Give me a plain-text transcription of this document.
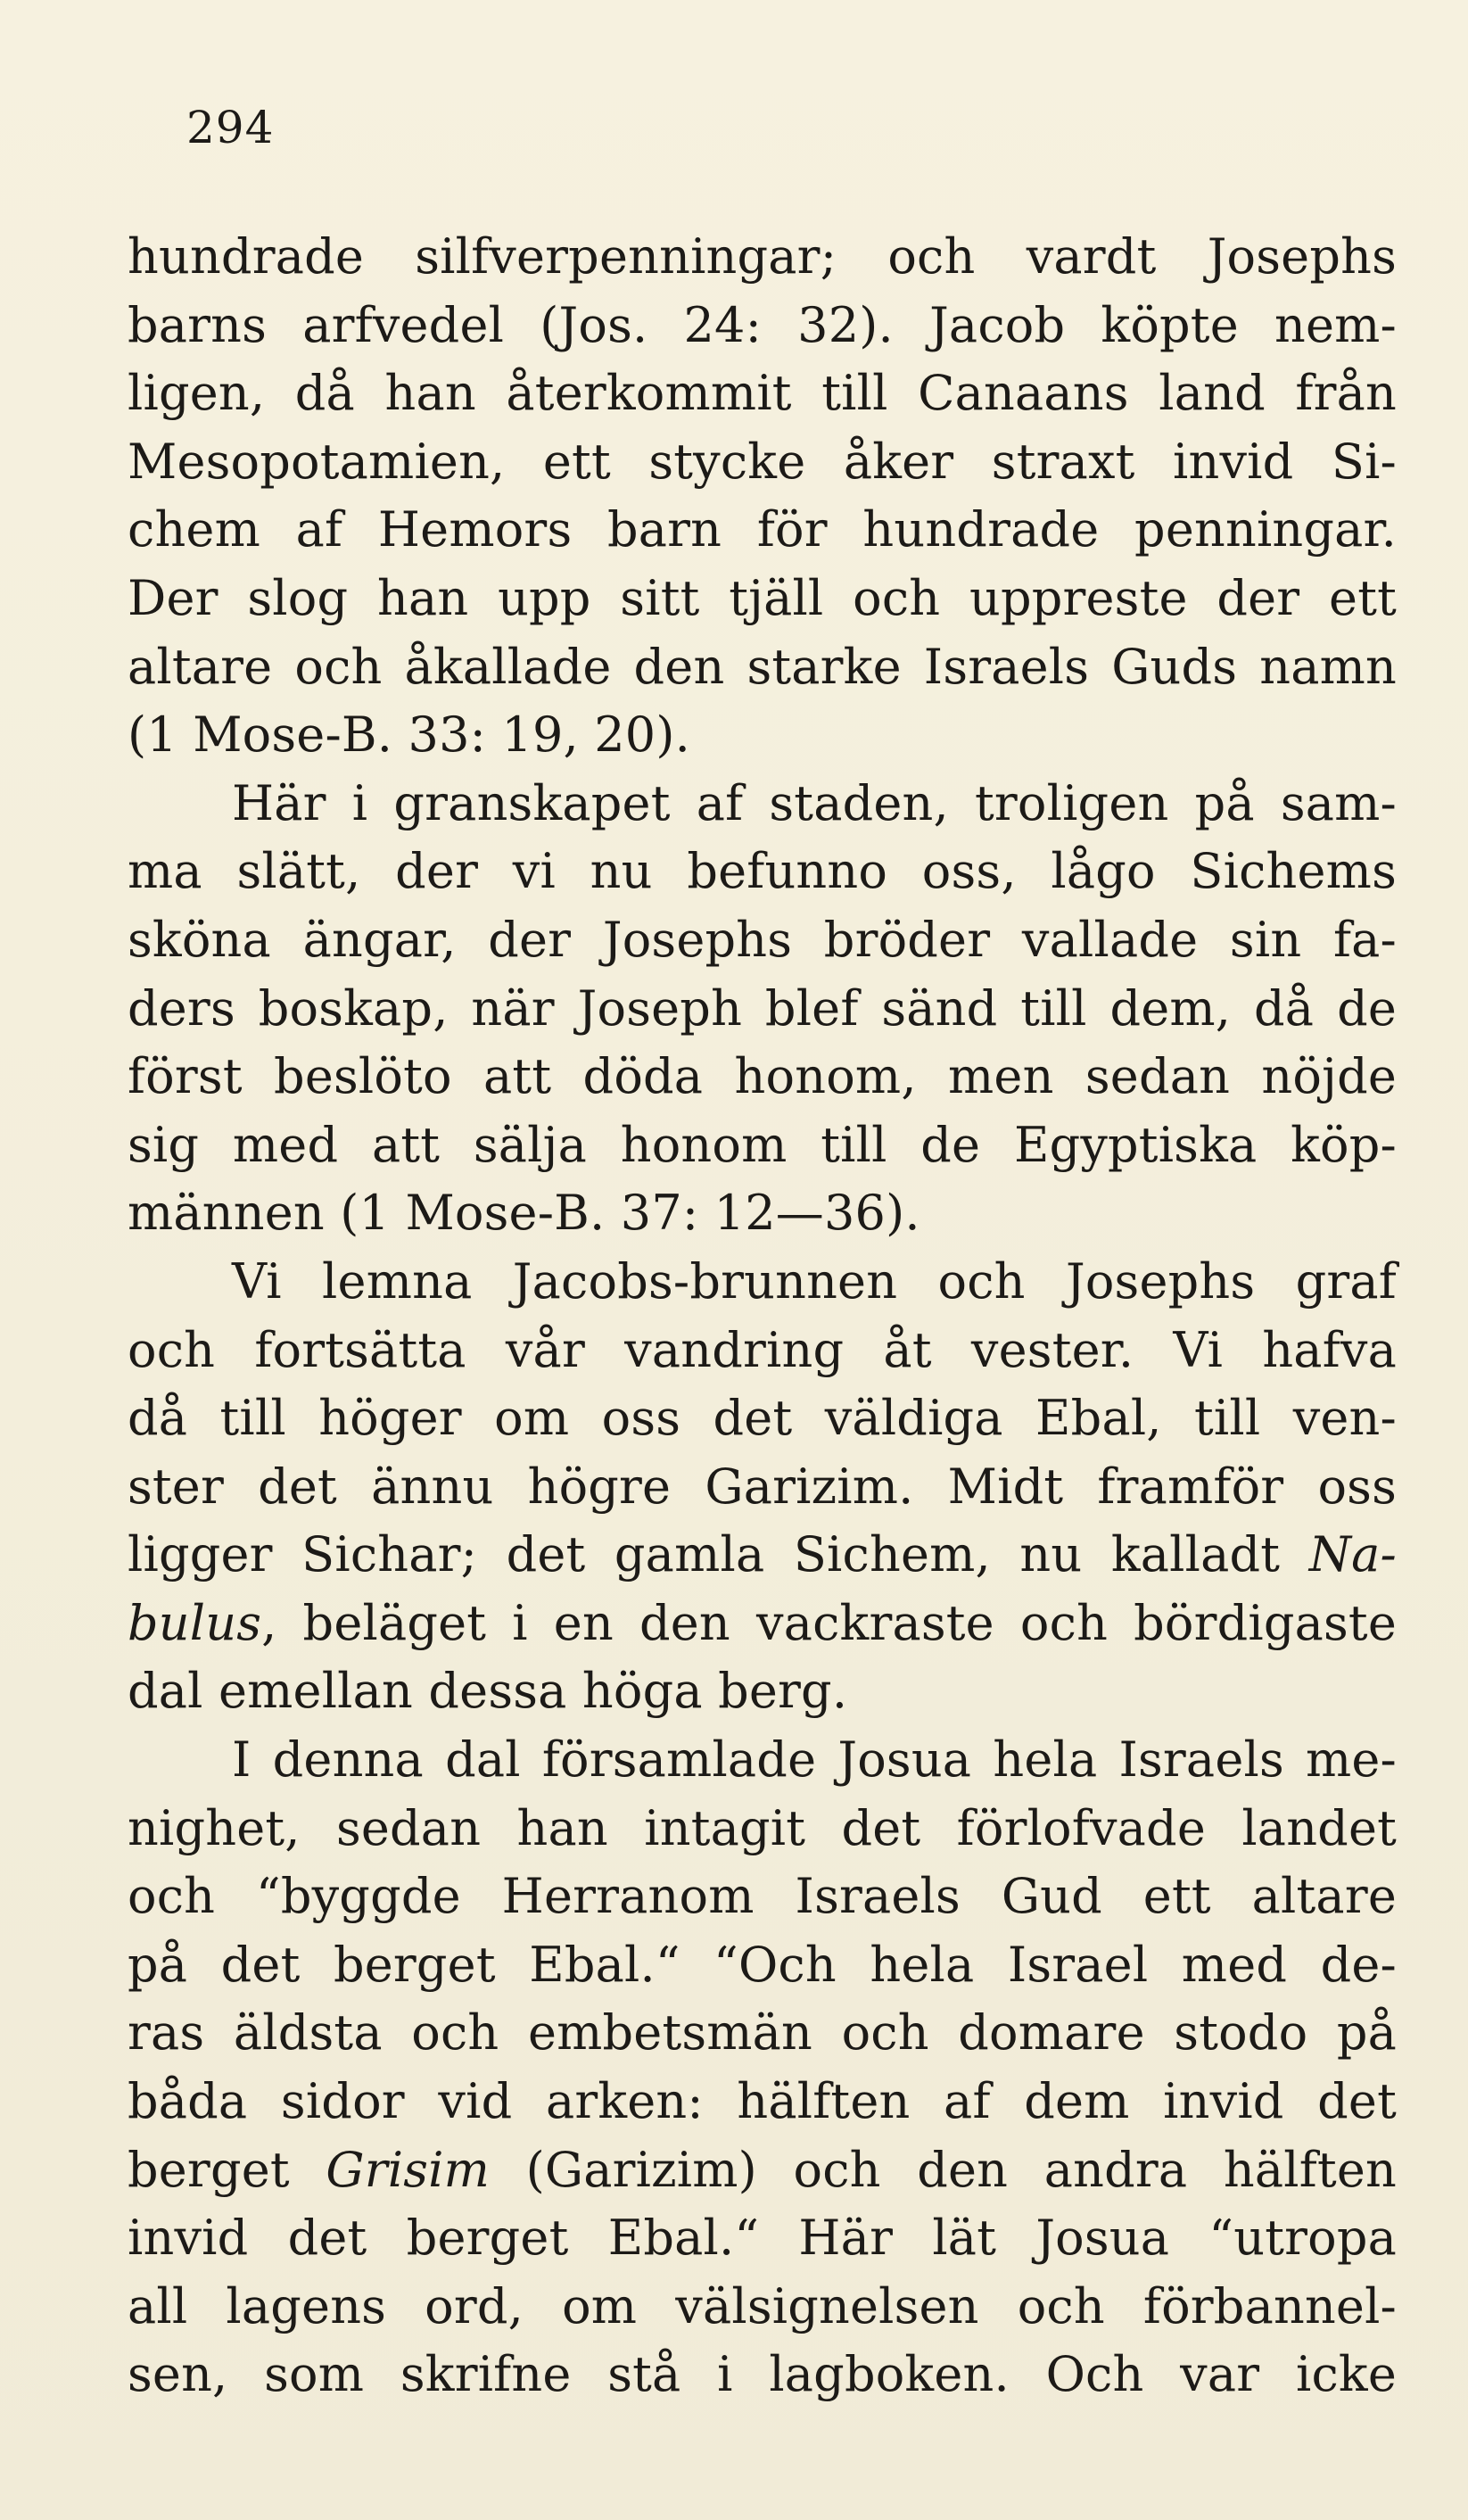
294
hundrade silfverpenningar; och vardt Josephs
barns arfvedel (Jos. 24: 32). Jacob köpte nem-
ligen, då han återkommit till Canaans land från
Mesopotamien, ett stycke åker straxt invid Si-
chem af Hemors barn för hundrade penningar.
Der slog han upp sitt tjäll och uppreste der ett
altare och åkallade den starke Israels Guds namn
(1 Mose-B. 33: 19, 20).
Här i granskapet af staden, troligen på sam-
ma slätt, der vi nu befunno oss, lågo Sichems
sköna ängar, der Josephs bröder vallade sin fa-
ders boskap, när Joseph blef sänd till dem, då de
först beslöto att döda honom, men sedan nöjde
sig med att sälja honom till de Egyptiska köp-
männen (1 Mose-B. 37: 12—36).
Vi lemna Jacobs-brunnen och Josephs graf
och fortsätta vår vandring åt vester. Vi hafva
då till höger om oss det väldiga Ebal, till ven-
ster det ännu högre Garizim. Midt framför oss
ligger Sichar; det gamla Sichem, nu kalladt Na-
bulus, beläget i en den vackraste och bördigaste
dal emellan dessa höga berg.
I denna dal församlade Josua hela Israels me-
nighet, sedan han intagit det förlofvade landet
och “byggde Herranom Israels Gud ett altare
på det berget Ebal.“ “Och hela Israel med de-
ras äldsta och embetsmän och domare stodo på
båda sidor vid arken: hälften af dem invid det
berget Grisim (Garizim) och den andra hälften
invid det berget Ebal.“ Här lät Josua “utropa
all lagens ord, om välsignelsen och förbannel-
sen, som skrifne stå i lagboken. Och var icke
